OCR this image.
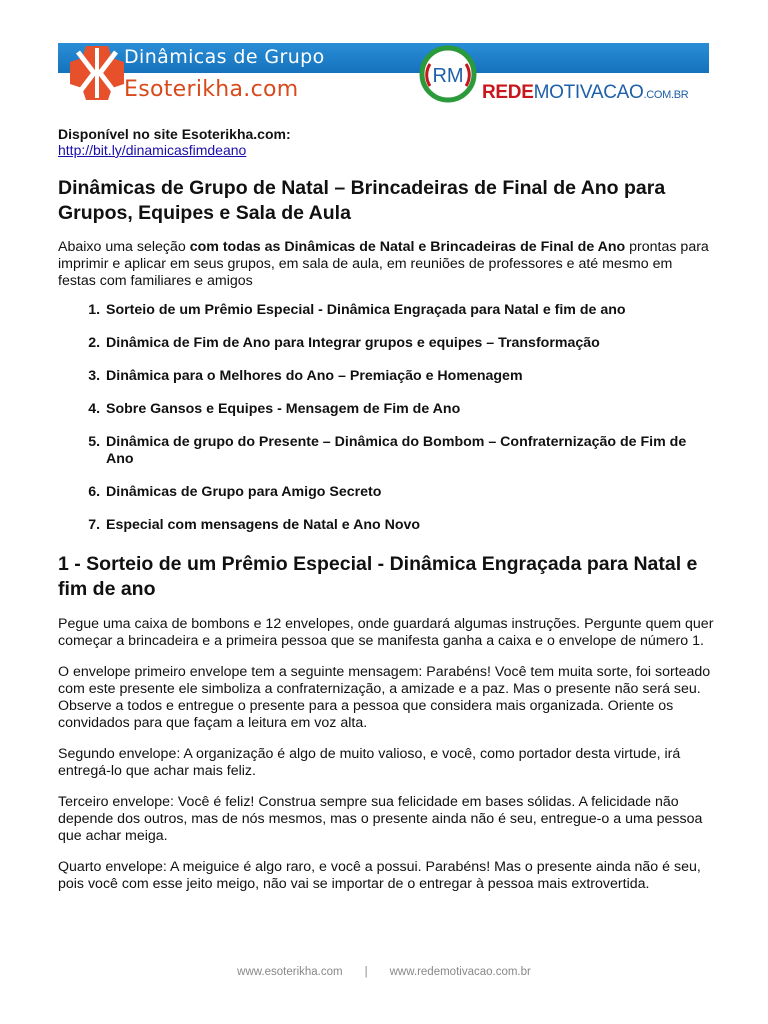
Dinâmicas de Grupo
Esoterikha.com
RM
REDEMOTIVACAO.COM.BR
Disponível no site Esoterikha.com:
http://bit.ly/dinamicasfimdeano
Dinâmicas de Grupo de Natal – Brincadeiras de Final de Ano para Grupos, Equipes e Sala de Aula

Abaixo uma seleção com todas as Dinâmicas de Natal e Brincadeiras de Final de Ano prontas para imprimir e aplicar em seus grupos, em sala de aula, em reuniões de professores e até mesmo em festas com familiares e amigos

1. Sorteio de um Prêmio Especial - Dinâmica Engraçada para Natal e fim de ano
2. Dinâmica de Fim de Ano para Integrar grupos e equipes – Transformação
3. Dinâmica para o Melhores do Ano – Premiação e Homenagem
4. Sobre Gansos e Equipes - Mensagem de Fim de Ano
5. Dinâmica de grupo do Presente – Dinâmica do Bombom – Confraternização de Fim de Ano
6. Dinâmicas de Grupo para Amigo Secreto
7. Especial com mensagens de Natal e Ano Novo
1 - Sorteio de um Prêmio Especial - Dinâmica Engraçada para Natal e fim de ano

Pegue uma caixa de bombons e 12 envelopes, onde guardará algumas instruções. Pergunte quem quer começar a brincadeira e a primeira pessoa que se manifesta ganha a caixa e o envelope de número 1.

O envelope primeiro envelope tem a seguinte mensagem: Parabéns! Você tem muita sorte, foi sorteado com este presente ele simboliza a confraternização, a amizade e a paz. Mas o presente não será seu. Observe a todos e entregue o presente para a pessoa que considera mais organizada. Oriente os convidados para que façam a leitura em voz alta.

Segundo envelope: A organização é algo de muito valioso, e você, como portador desta virtude, irá entregá-lo que achar mais feliz.

Terceiro envelope: Você é feliz! Construa sempre sua felicidade em bases sólidas. A felicidade não depende dos outros, mas de nós mesmos, mas o presente ainda não é seu, entregue-o a uma pessoa que achar meiga.

Quarto envelope: A meiguice é algo raro, e você a possui. Parabéns! Mas o presente ainda não é seu, pois você com esse jeito meigo, não vai se importar de o entregar à pessoa mais extrovertida.

www.esoterikha.com | www.redemotivacao.com.br
